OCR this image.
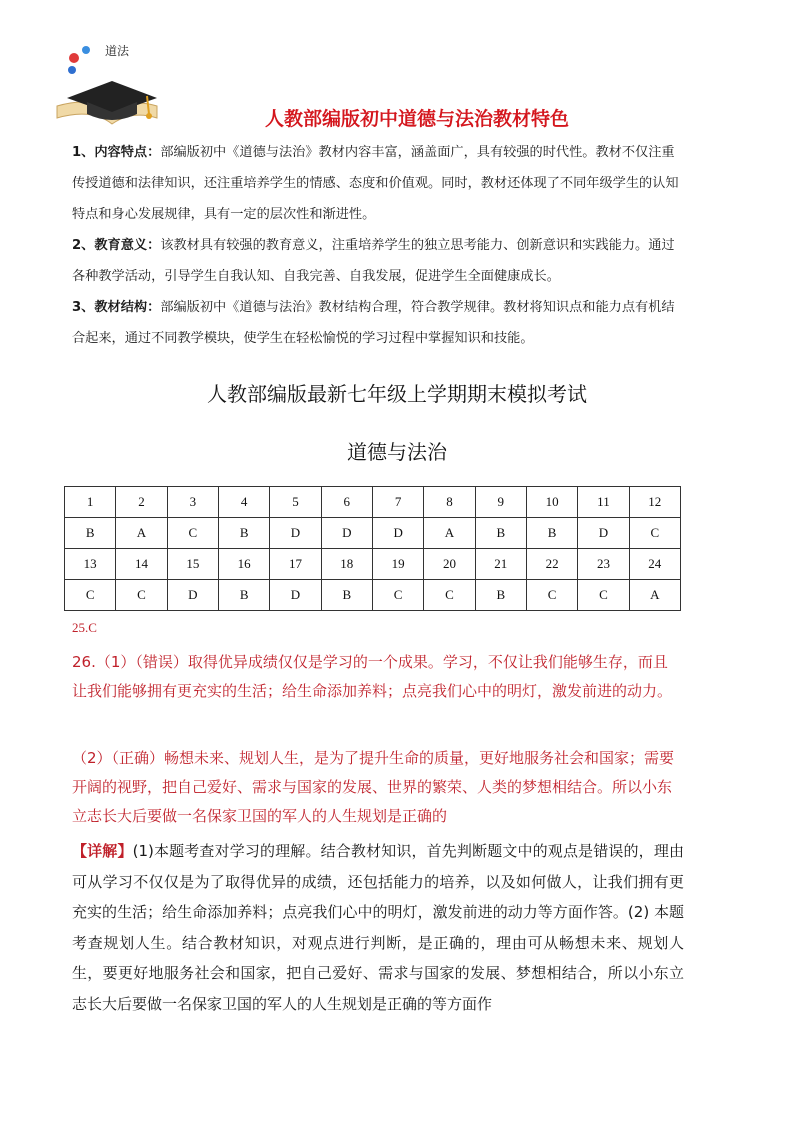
道法
人教部编版初中道德与法治教材特色
1、内容特点：部编版初中《道德与法治》教材内容丰富，涵盖面广，具有较强的时代性。教材不仅注重传授道德和法律知识，还注重培养学生的情感、态度和价值观。同时，教材还体现了不同年级学生的认知特点和身心发展规律，具有一定的层次性和渐进性。
2、教育意义：该教材具有较强的教育意义，注重培养学生的独立思考能力、创新意识和实践能力。通过各种教学活动，引导学生自我认知、自我完善、自我发展，促进学生全面健康成长。
3、教材结构：部编版初中《道德与法治》教材结构合理，符合教学规律。教材将知识点和能力点有机结合起来，通过不同教学模块，使学生在轻松愉悦的学习过程中掌握知识和技能。
人教部编版最新七年级上学期期末模拟考试
道德与法治
1	2	3	4	5	6	7	8	9	10	11	12
B	A	C	B	D	D	D	A	B	B	D	C
13	14	15	16	17	18	19	20	21	22	23	24
C	C	D	B	D	B	C	C	B	C	C	A
25.C
26.（1）（错误）取得优异成绩仅仅是学习的一个成果。学习，不仅让我们能够生存，而且让我们能够拥有更充实的生活；给生命添加养料；点亮我们心中的明灯，激发前进的动力。
（2）（正确）畅想未来、规划人生，是为了提升生命的质量，更好地服务社会和国家；需要开阔的视野，把自己爱好、需求与国家的发展、世界的繁荣、人类的梦想相结合。所以小东立志长大后要做一名保家卫国的军人的人生规划是正确的
【详解】(1)本题考查对学习的理解。结合教材知识，首先判断题文中的观点是错误的，理由可从学习不仅仅是为了取得优异的成绩，还包括能力的培养，以及如何做人，让我们拥有更充实的生活；给生命添加养料；点亮我们心中的明灯，激发前进的动力等方面作答。(2) 本题考查规划人生。结合教材知识，对观点进行判断，是正确的，理由可从畅想未来、规划人生，要更好地服务社会和国家，把自己爱好、需求与国家的发展、梦想相结合，所以小东立志长大后要做一名保家卫国的军人的人生规划是正确的等方面作
